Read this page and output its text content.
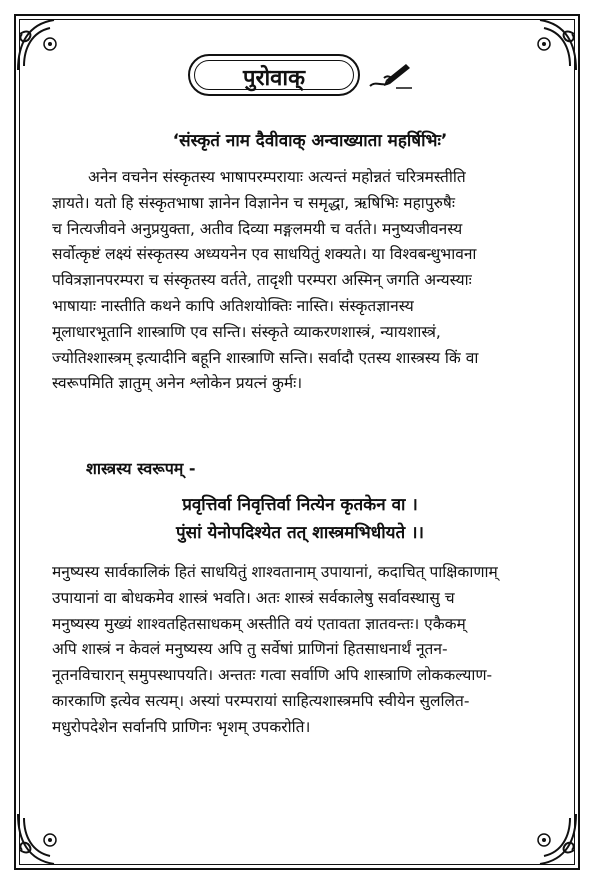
पुरोवाक्
‘संस्कृतं नाम दैवीवाक् अन्वाख्याता महर्षिभिः’
अनेन वचनेन संस्कृतस्य भाषापरम्परायाः अत्यन्तं महोन्नतं चरित्रमस्तीति
ज्ञायते। यतो हि संस्कृतभाषा ज्ञानेन विज्ञानेन च समृद्धा, ऋषिभिः महापुरुषैः
च नित्यजीवने अनुप्रयुक्ता, अतीव दिव्या मङ्गलमयी च वर्तते। मनुष्यजीवनस्य
सर्वोत्कृष्टं लक्ष्यं संस्कृतस्य अध्ययनेन एव साधयितुं शक्यते। या विश्वबन्धुभावना
पवित्रज्ञानपरम्परा च संस्कृतस्य वर्तते, तादृशी परम्परा अस्मिन् जगति अन्यस्याः
भाषायाः नास्तीति कथने कापि अतिशयोक्तिः नास्ति। संस्कृतज्ञानस्य
मूलाधारभूतानि शास्त्राणि एव सन्ति। संस्कृते व्याकरणशास्त्रं, न्यायशास्त्रं,
ज्योतिश्शास्त्रम् इत्यादीनि बहूनि शास्त्राणि सन्ति। सर्वादौ एतस्य शास्त्रस्य किं वा
स्वरूपमिति ज्ञातुम् अनेन श्लोकेन प्रयत्नं कुर्मः।
शास्त्रस्य स्वरूपम् -
प्रवृत्तिर्वा निवृत्तिर्वा नित्येन कृतकेन वा ।
पुंसां येनोपदिश्येत तत् शास्त्रमभिधीयते ।।
मनुष्यस्य सार्वकालिकं हितं साधयितुं शाश्वतानाम् उपायानां, कदाचित् पाक्षिकाणाम्
उपायानां वा बोधकमेव शास्त्रं भवति। अतः शास्त्रं सर्वकालेषु सर्वावस्थासु च
मनुष्यस्य मुख्यं शाश्वतहितसाधकम् अस्तीति वयं एतावता ज्ञातवन्तः। एकैकम्
अपि शास्त्रं न केवलं मनुष्यस्य अपि तु सर्वेषां प्राणिनां हितसाधनार्थं नूतन-
नूतनविचारान् समुपस्थापयति। अन्ततः गत्वा सर्वाणि अपि शास्त्राणि लोककल्याण-
कारकाणि इत्येव सत्यम्। अस्यां परम्परायां साहित्यशास्त्रमपि स्वीयेन सुललित-
मधुरोपदेशेन सर्वानपि प्राणिनः भृशम् उपकरोति।
